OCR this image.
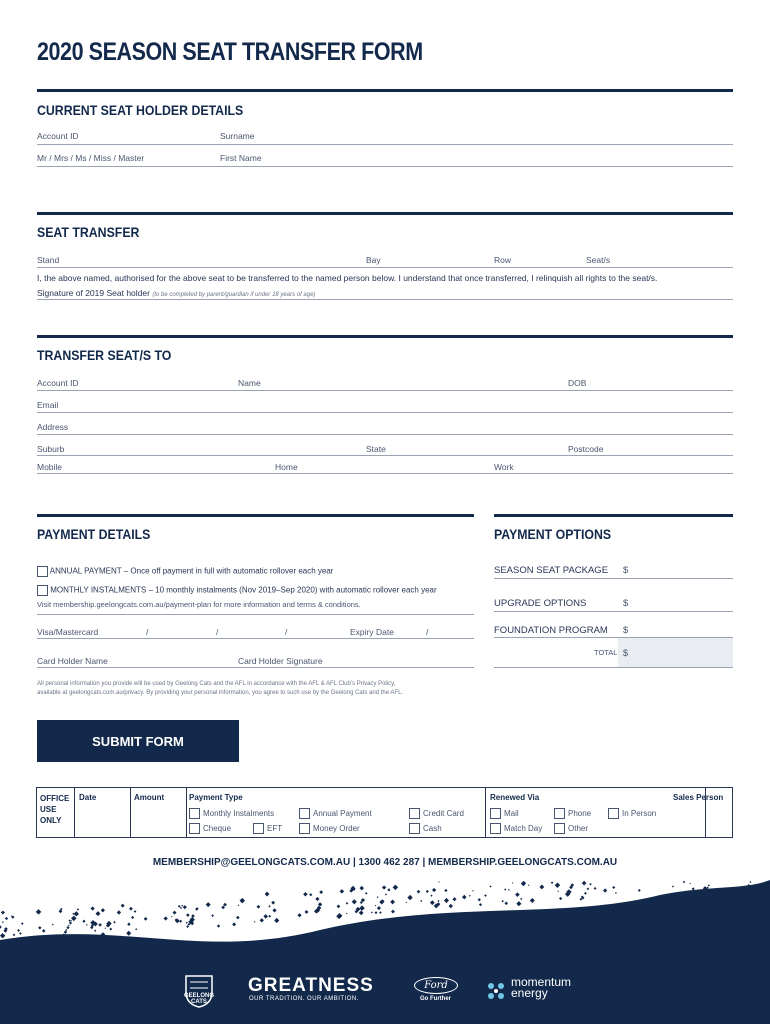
2020 SEASON SEAT TRANSFER FORM
CURRENT SEAT HOLDER DETAILS
Account ID	Surname
Mr / Mrs / Ms / Miss / Master	First Name
SEAT TRANSFER
Stand	Bay	Row	Seat/s
I, the above named, authorised for the above seat to be transferred to the named person below. I understand that once transferred, I relinquish all rights to the seat/s.
Signature of 2019 Seat holder (to be completed by parent/guardian if under 18 years of age)
TRANSFER SEAT/S TO
Account ID	Name	DOB
Email
Address
Suburb	State	Postcode
Mobile	Home	Work
PAYMENT DETAILS
ANNUAL PAYMENT – Once off payment in full with automatic rollover each year
MONTHLY INSTALMENTS – 10 monthly instalments (Nov 2019–Sep 2020) with automatic rollover each year
Visit membership.geelongcats.com.au/payment-plan for more information and terms & conditions.
Visa/Mastercard	/	/	/	Expiry Date	/
Card Holder Name	Card Holder Signature
All personal information you provide will be used by Geelong Cats and the AFL in accordance with the AFL & AFL Club’s Privacy Policy,
available at geelongcats.com.au/privacy. By providing your personal information, you agree to such use by the Geelong Cats and the AFL.
PAYMENT OPTIONS
SEASON SEAT PACKAGE $
UPGRADE OPTIONS	$
FOUNDATION PROGRAM $
TOTAL $
SUBMIT FORM
OFFICE USE ONLY
Date	Amount	Payment Type
Monthly Instalments	Annual Payment	Credit Card
Cheque	EFT	Money Order	Cash
Renewed Via
Mail	Phone	In Person
Match Day	Other
Sales Person
MEMBERSHIP@GEELONGCATS.COM.AU | 1300 462 287 | MEMBERSHIP.GEELONGCATS.COM.AU
GEELONG CATS
GREATNESS
OUR TRADITION. OUR AMBITION.
Ford
Go Further
momentum
energy
